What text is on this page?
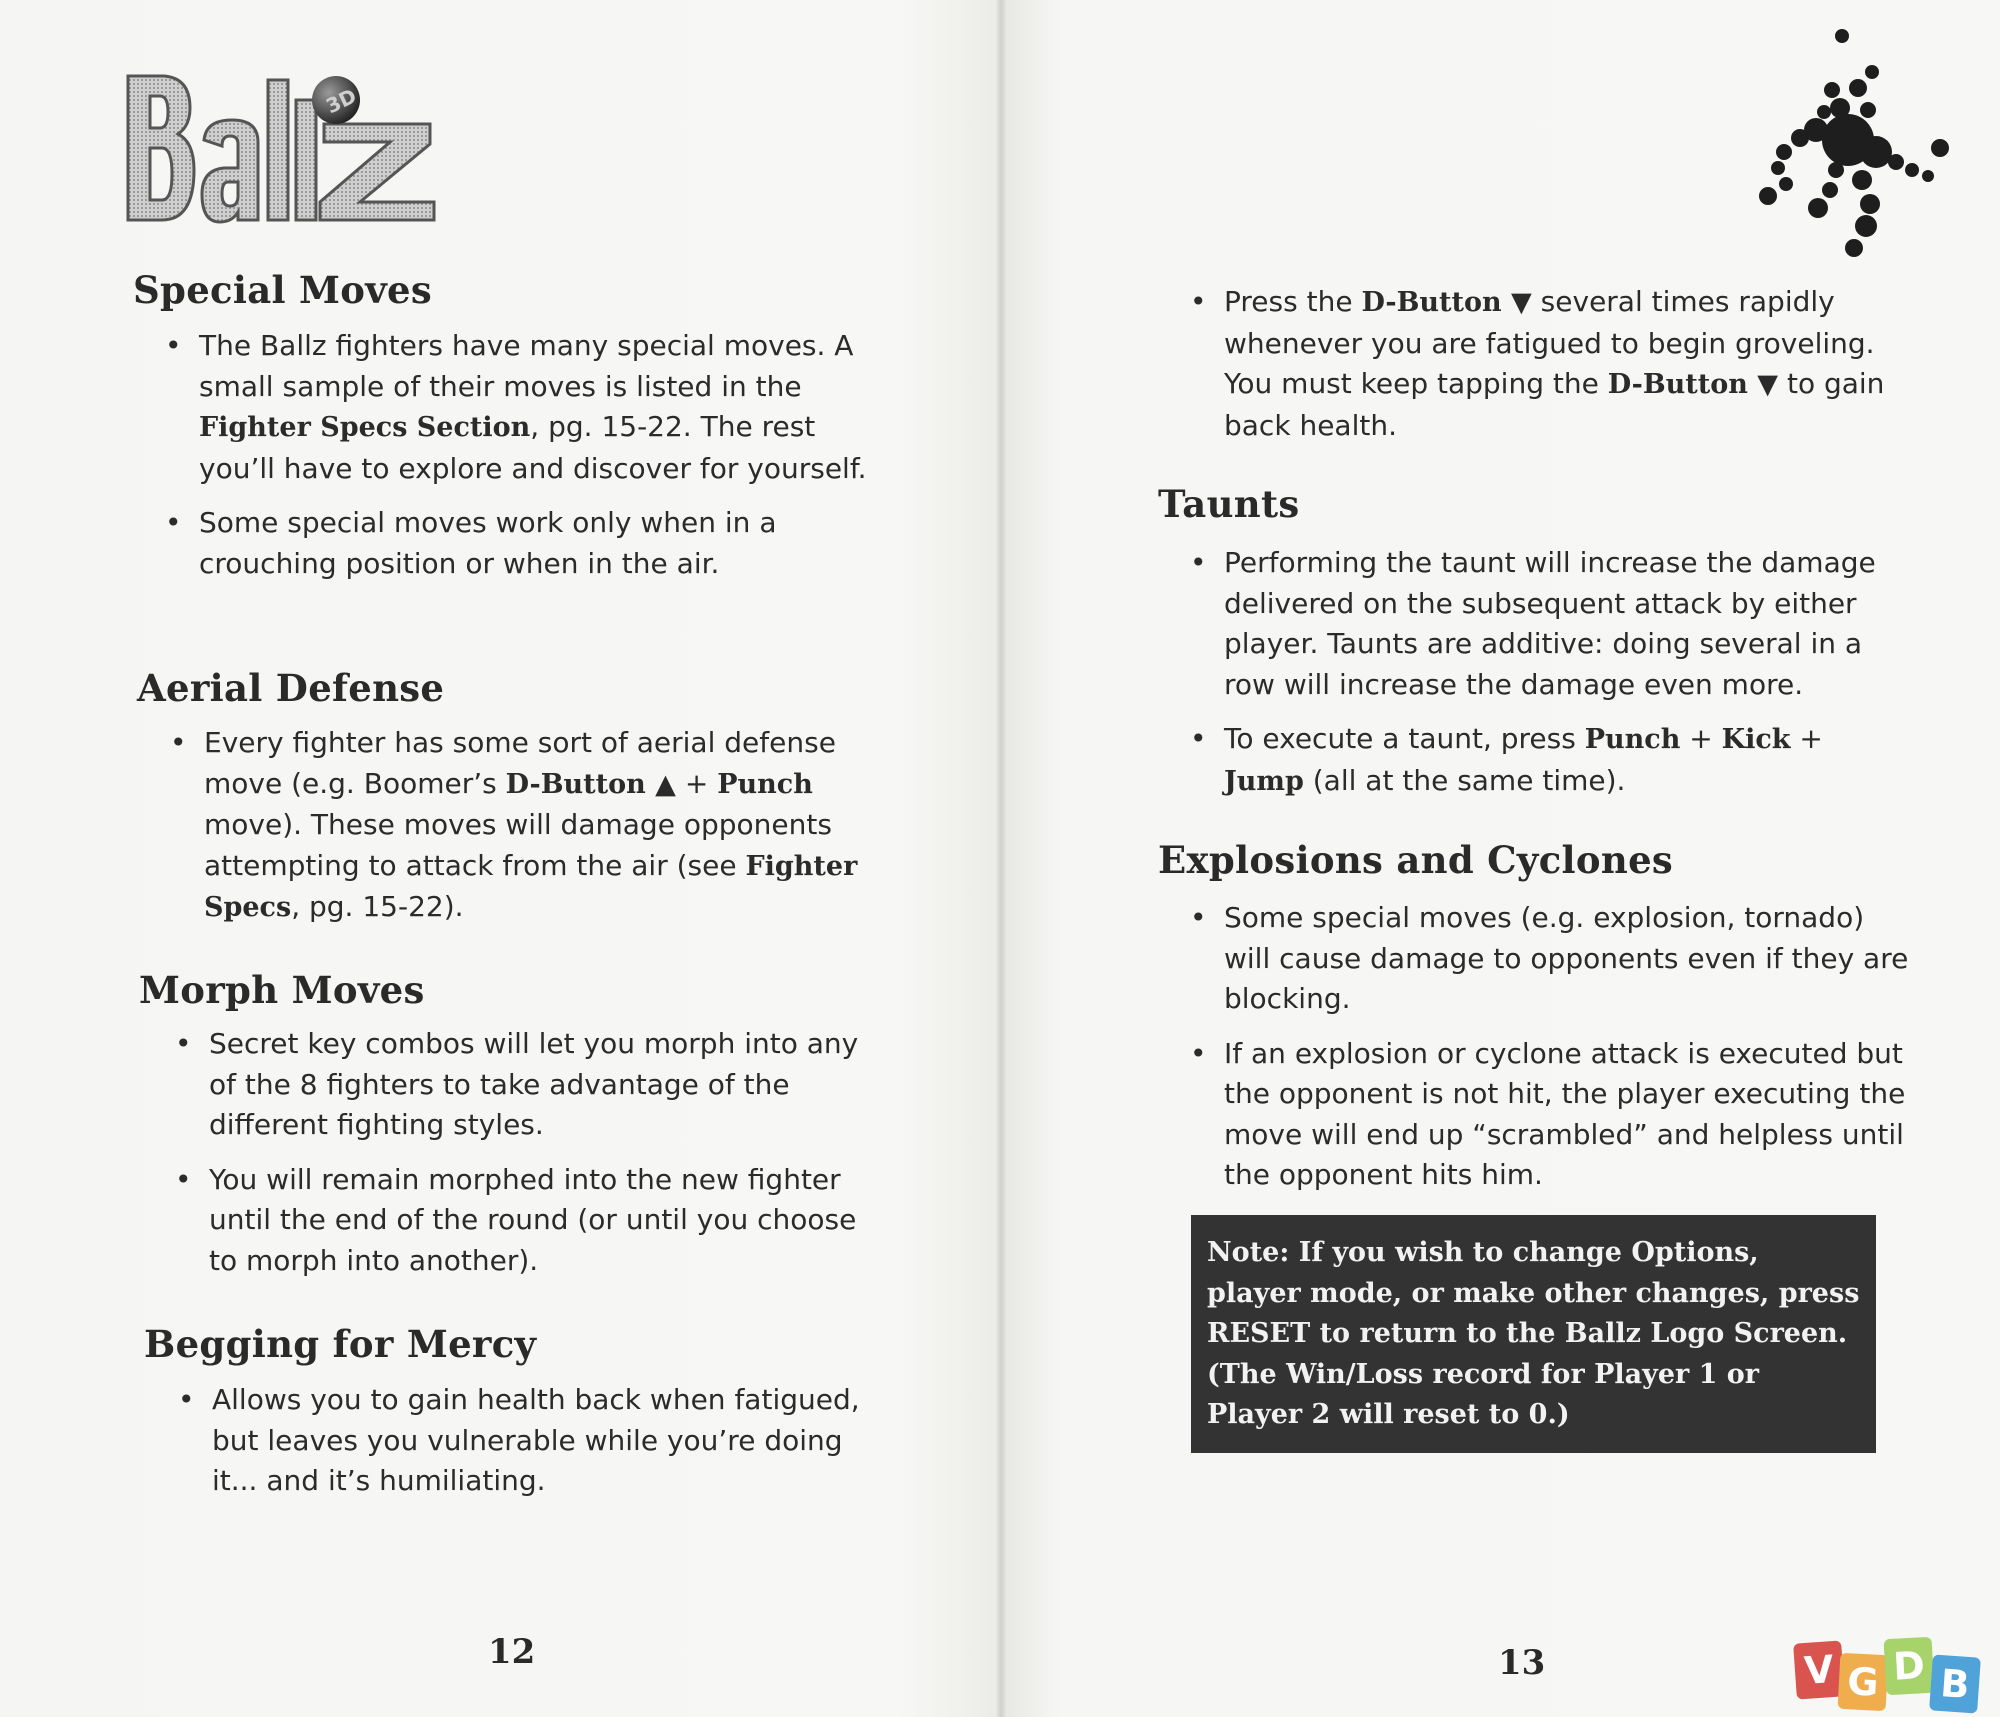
3D
Special Moves
• The Ballz fighters have many special moves. A small sample of their moves is listed in the Fighter Specs Section, pg. 15-22. The rest you’ll have to explore and discover for yourself.
• Some special moves work only when in a crouching position or when in the air.
Aerial Defense
• Every fighter has some sort of aerial defense move (e.g. Boomer’s D-Button ▲ + Punch move). These moves will damage opponents attempting to attack from the air (see Fighter Specs, pg. 15-22).
Morph Moves
• Secret key combos will let you morph into any of the 8 fighters to take advantage of the different fighting styles.
• You will remain morphed into the new fighter until the end of the round (or until you choose to morph into another).
Begging for Mercy
• Allows you to gain health back when fatigued, but leaves you vulnerable while you’re doing it... and it’s humiliating.

12

• Press the D-Button ▼ several times rapidly whenever you are fatigued to begin groveling. You must keep tapping the D-Button ▼ to gain back health.
Taunts
• Performing the taunt will increase the damage delivered on the subsequent attack by either player. Taunts are additive: doing several in a row will increase the damage even more.
• To execute a taunt, press Punch + Kick + Jump (all at the same time).
Explosions and Cyclones
• Some special moves (e.g. explosion, tornado) will cause damage to opponents even if they are blocking.
• If an explosion or cyclone attack is executed but the opponent is not hit, the player executing the move will end up “scrambled” and helpless until the opponent hits him.
Note: If you wish to change Options, player mode, or make other changes, press RESET to return to the Ballz Logo Screen. (The Win/Loss record for Player 1 or Player 2 will reset to 0.)

13	V G D B
